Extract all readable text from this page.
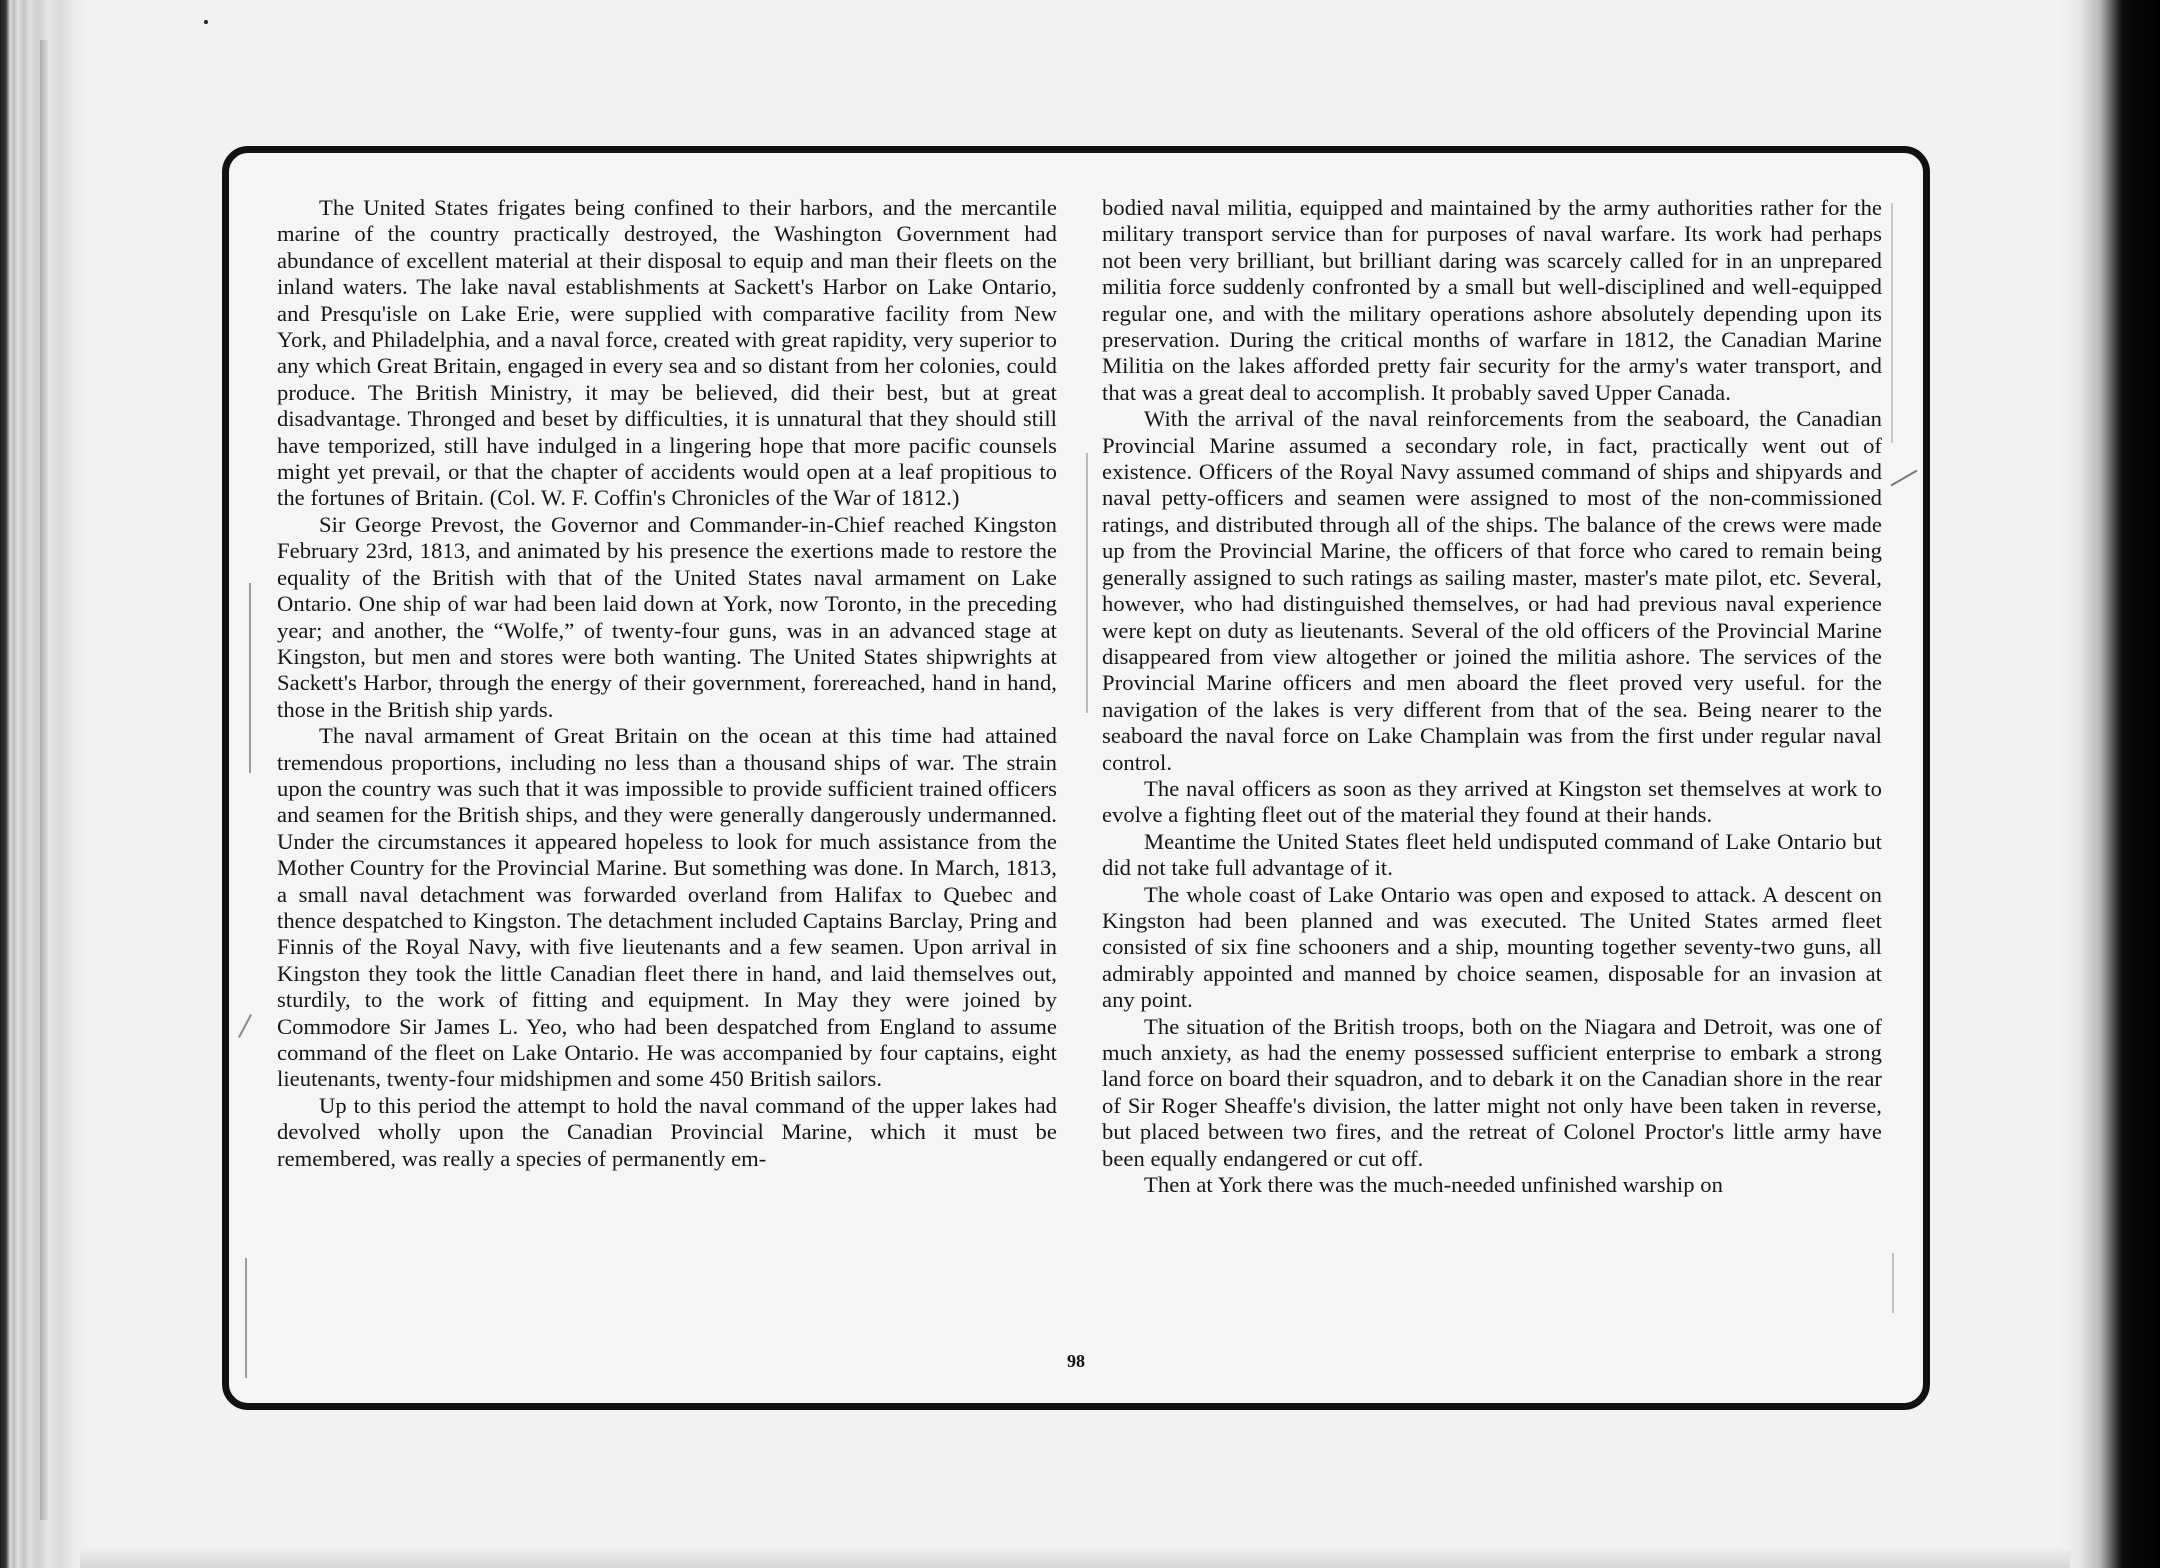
The United States frigates being confined to their harbors, and the mercantile marine of the country practically destroyed, the Washington Government had abundance of excellent material at their disposal to equip and man their fleets on the inland waters. The lake naval establishments at Sackett's Harbor on Lake Ontario, and Presqu'isle on Lake Erie, were supplied with comparative facility from New York, and Philadelphia, and a naval force, created with great rapidity, very superior to any which Great Britain, engaged in every sea and so distant from her colonies, could produce. The British Ministry, it may be believed, did their best, but at great disadvantage. Thronged and beset by difficulties, it is unnatural that they should still have temporized, still have indulged in a lingering hope that more pacific counsels might yet prevail, or that the chapter of accidents would open at a leaf propitious to the fortunes of Britain. (Col. W. F. Coffin's Chronicles of the War of 1812.)

Sir George Prevost, the Governor and Commander-in-Chief reached Kingston February 23rd, 1813, and animated by his presence the exertions made to restore the equality of the British with that of the United States naval armament on Lake Ontario. One ship of war had been laid down at York, now Toronto, in the preceding year; and another, the “Wolfe,” of twenty-four guns, was in an advanced stage at Kingston, but men and stores were both wanting. The United States shipwrights at Sackett's Harbor, through the energy of their government, forereached, hand in hand, those in the British ship yards.

The naval armament of Great Britain on the ocean at this time had attained tremendous proportions, including no less than a thousand ships of war. The strain upon the country was such that it was impossible to provide sufficient trained officers and seamen for the British ships, and they were generally dangerously undermanned. Under the circumstances it appeared hopeless to look for much assistance from the Mother Country for the Provincial Marine. But something was done. In March, 1813, a small naval detachment was forwarded overland from Halifax to Quebec and thence despatched to Kingston. The detachment included Captains Barclay, Pring and Finnis of the Royal Navy, with five lieutenants and a few seamen. Upon arrival in Kingston they took the little Canadian fleet there in hand, and laid themselves out, sturdily, to the work of fitting and equipment. In May they were joined by Commodore Sir James L. Yeo, who had been despatched from England to assume command of the fleet on Lake Ontario. He was accompanied by four captains, eight lieutenants, twenty-four midshipmen and some 450 British sailors.

Up to this period the attempt to hold the naval command of the upper lakes had devolved wholly upon the Canadian Provincial Marine, which it must be remembered, was really a species of permanently em-

bodied naval militia, equipped and maintained by the army authorities rather for the military transport service than for purposes of naval warfare. Its work had perhaps not been very brilliant, but brilliant daring was scarcely called for in an unprepared militia force suddenly confronted by a small but well-disciplined and well-equipped regular one, and with the military operations ashore absolutely depending upon its preservation. During the critical months of warfare in 1812, the Canadian Marine Militia on the lakes afforded pretty fair security for the army's water transport, and that was a great deal to accomplish. It probably saved Upper Canada.

With the arrival of the naval reinforcements from the seaboard, the Canadian Provincial Marine assumed a secondary role, in fact, practically went out of existence. Officers of the Royal Navy assumed command of ships and shipyards and naval petty-officers and seamen were assigned to most of the non-commissioned ratings, and distributed through all of the ships. The balance of the crews were made up from the Provincial Marine, the officers of that force who cared to remain being generally assigned to such ratings as sailing master, master's mate pilot, etc. Several, however, who had distinguished themselves, or had had previous naval experience were kept on duty as lieutenants. Several of the old officers of the Provincial Marine disappeared from view altogether or joined the militia ashore. The services of the Provincial Marine officers and men aboard the fleet proved very useful. for the navigation of the lakes is very different from that of the sea. Being nearer to the seaboard the naval force on Lake Champlain was from the first under regular naval control.

The naval officers as soon as they arrived at Kingston set themselves at work to evolve a fighting fleet out of the material they found at their hands.

Meantime the United States fleet held undisputed command of Lake Ontario but did not take full advantage of it.

The whole coast of Lake Ontario was open and exposed to attack. A descent on Kingston had been planned and was executed. The United States armed fleet consisted of six fine schooners and a ship, mounting together seventy-two guns, all admirably appointed and manned by choice seamen, disposable for an invasion at any point.

The situation of the British troops, both on the Niagara and Detroit, was one of much anxiety, as had the enemy possessed sufficient enterprise to embark a strong land force on board their squadron, and to debark it on the Canadian shore in the rear of Sir Roger Sheaffe's division, the latter might not only have been taken in reverse, but placed between two fires, and the retreat of Colonel Proctor's little army have been equally endangered or cut off.

Then at York there was the much-needed unfinished warship on

98
